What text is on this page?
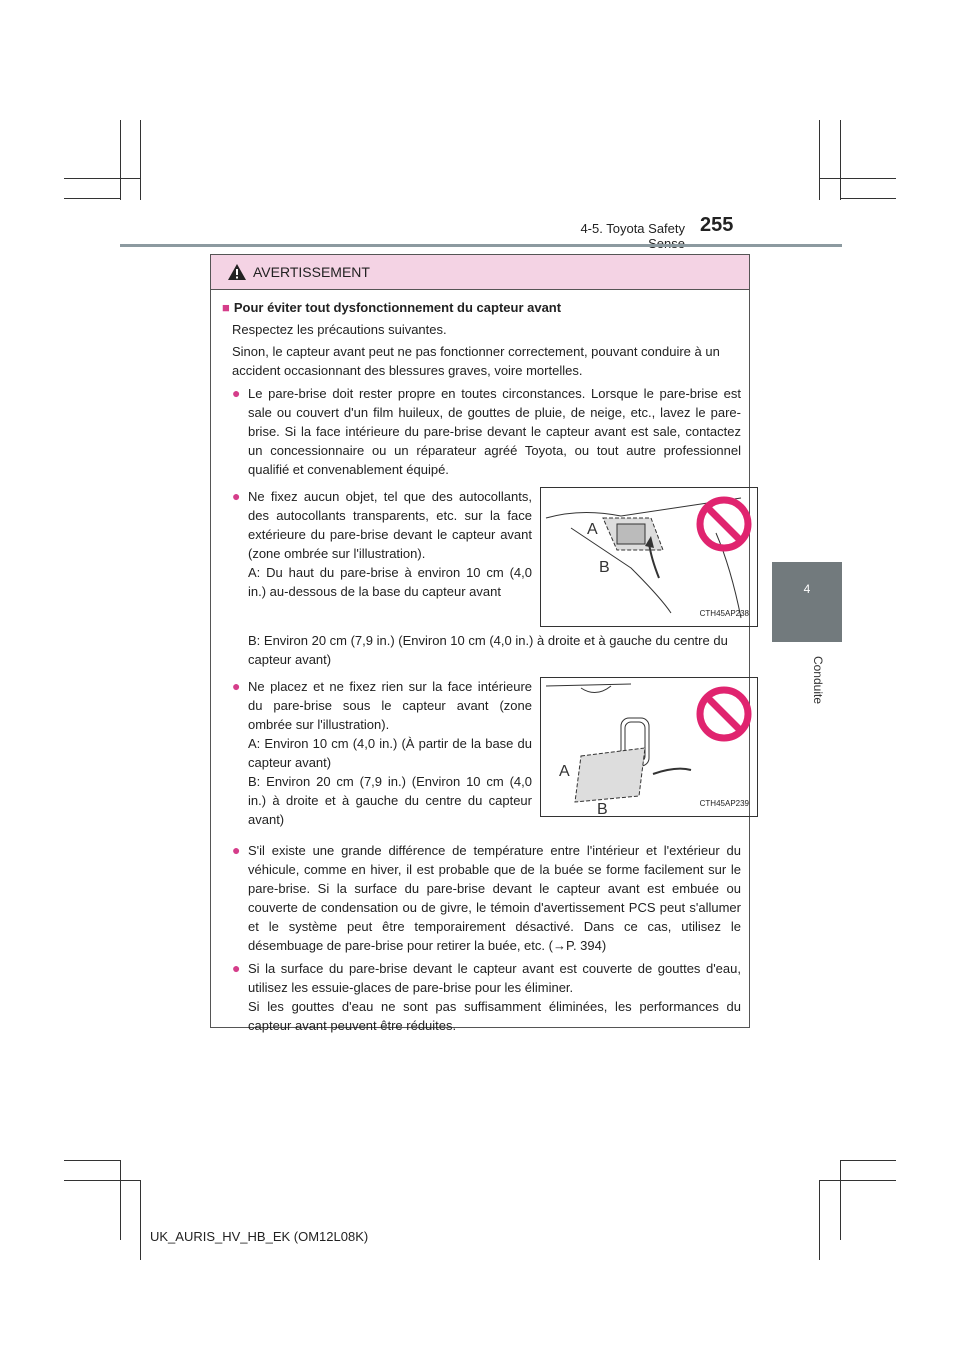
4-5. Toyota Safety 255
4
Conduite
AVERTISSEMENT
■ Pour éviter tout dysfonctionnement du capteur avant
Respectez les précautions suivantes.
Sinon, le capteur avant peut ne pas fonctionner correctement, pouvant conduire à un accident occasionnant des blessures graves, voire mortelles.
● Le pare-brise doit rester propre en toutes circonstances. Lorsque le pare-brise est sale ou couvert d'un film huileux, de gouttes de pluie, de neige, etc., lavez le pare-brise. Si la face intérieure du pare-brise devant le capteur avant est sale, contactez un concessionnaire ou un réparateur agréé Toyota, ou tout autre professionnel qualifié et convenablement équipé.
● Ne fixez aucun objet, tel que des autocollants, des autocollants transparents, etc. sur la face extérieure du pare-brise devant le capteur avant (zone ombrée sur l'illustration).
A: Du haut du pare-brise à environ 10 cm (4,0 in.) au-dessous de la base du capteur avant
A
B
CTH45AP238
B: Environ 20 cm (7,9 in.) (Environ 10 cm (4,0 in.) à droite et à gauche du centre du capteur avant)
● Ne placez et ne fixez rien sur la face intérieure du pare-brise sous le capteur avant (zone ombrée sur l'illustration).
A: Environ 10 cm (4,0 in.) (À partir de la base du capteur avant)
B: Environ 20 cm (7,9 in.) (Environ 10 cm (4,0 in.) à droite et à gauche du centre du capteur avant)
A
B	CTH45AP239
● S'il existe une grande différence de température entre l'intérieur et l'extérieur du véhicule, comme en hiver, il est probable que de la buée se forme facilement sur le pare-brise. Si la surface du pare-brise devant le capteur avant est embuée ou couverte de condensation ou de givre, le témoin d'avertissement PCS peut s'allumer et le système peut être temporairement désactivé. Dans ce cas, utilisez le désembuage de pare-brise pour retirer la buée, etc. (→P. 394)
● Si la surface du pare-brise devant le capteur avant est couverte de gouttes d'eau, utilisez les essuie-glaces de pare-brise pour les éliminer.
Si les gouttes d'eau ne sont pas suffisamment éliminées, les performances du capteur avant peuvent être réduites.
UK_AURIS_HV_HB_EK (OM12L08K)
